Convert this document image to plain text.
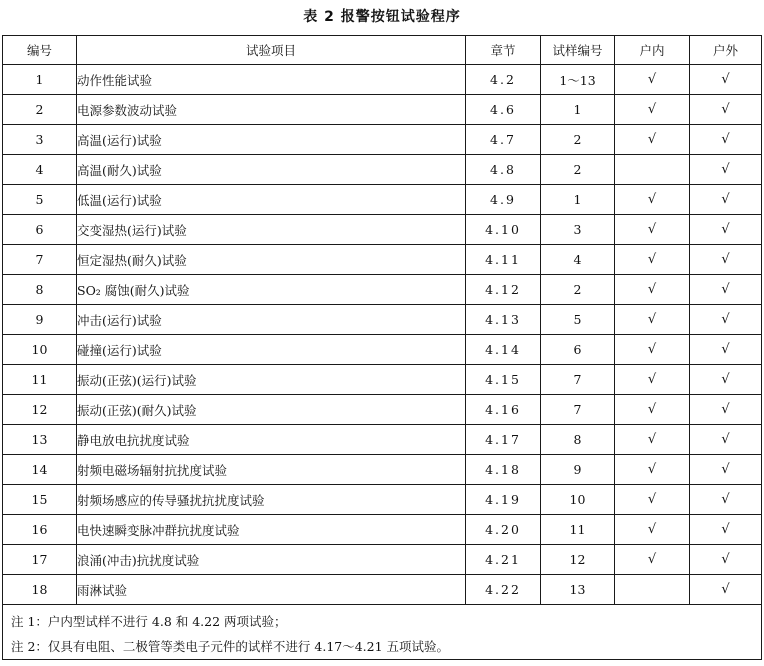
表 2 报警按钮试验程序
编号	试验项目	章节	试样编号	户内	户外
1	动作性能试验	4.2	1～13	√	√
2	电源参数波动试验	4.6	1	√	√
3	高温(运行)试验	4.7	2	√	√
4	高温(耐久)试验	4.8	2		√
5	低温(运行)试验	4.9	1	√	√
6	交变湿热(运行)试验	4.10	3	√	√
7	恒定湿热(耐久)试验	4.11	4	√	√
8	SO₂ 腐蚀(耐久)试验	4.12	2	√	√
9	冲击(运行)试验	4.13	5	√	√
10	碰撞(运行)试验	4.14	6	√	√
11	振动(正弦)(运行)试验	4.15	7	√	√
12	振动(正弦)(耐久)试验	4.16	7	√	√
13	静电放电抗扰度试验	4.17	8	√	√
14	射频电磁场辐射抗扰度试验	4.18	9	√	√
15	射频场感应的传导骚扰抗扰度试验	4.19	10	√	√
16	电快速瞬变脉冲群抗扰度试验	4.20	11	√	√
17	浪涌(冲击)抗扰度试验	4.21	12	√	√
18	雨淋试验	4.22	13		√

注 1：户内型试样不进行 4.8 和 4.22 两项试验；
注 2：仅具有电阻、二极管等类电子元件的试样不进行 4.17～4.21 五项试验。					
